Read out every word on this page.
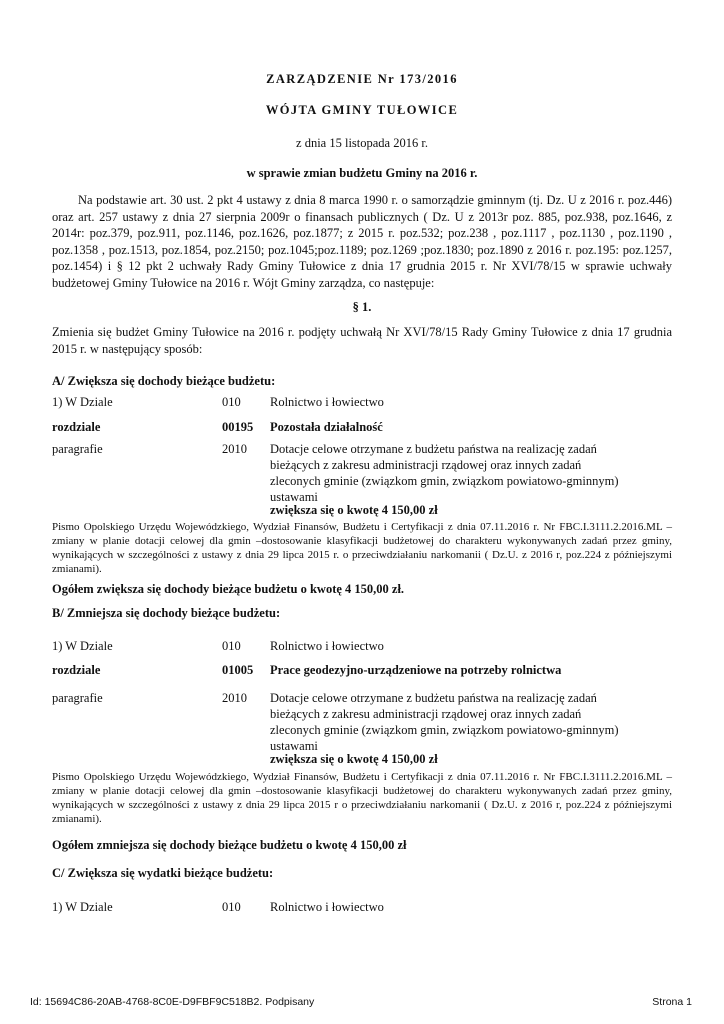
ZARZĄDZENIE Nr 173/2016
WÓJTA GMINY TUŁOWICE
z dnia 15 listopada 2016 r.
w sprawie zmian budżetu Gminy na 2016 r.
Na podstawie art. 30 ust. 2 pkt 4 ustawy z dnia 8 marca 1990 r. o samorządzie gminnym (tj. Dz. U z 2016 r. poz.446) oraz art. 257 ustawy z dnia 27 sierpnia 2009r o finansach publicznych ( Dz. U z 2013r poz. 885, poz.938, poz.1646, z 2014r: poz.379, poz.911, poz.1146, poz.1626, poz.1877; z 2015 r. poz.532; poz.238 , poz.1117 , poz.1130 , poz.1190 , poz.1358 , poz.1513, poz.1854, poz.2150; poz.1045;poz.1189; poz.1269 ;poz.1830; poz.1890 z 2016 r. poz.195: poz.1257, poz.1454) i § 12 pkt 2 uchwały Rady Gminy Tułowice z dnia 17 grudnia 2015 r. Nr XVI/78/15 w sprawie uchwały budżetowej Gminy Tułowice na 2016 r. Wójt Gminy zarządza, co następuje:
§ 1.
Zmienia się budżet Gminy Tułowice na 2016 r. podjęty uchwałą Nr XVI/78/15 Rady Gminy Tułowice z dnia 17 grudnia 2015 r. w następujący sposób:
A/ Zwiększa się dochody bieżące budżetu:
1) W Dziale	010 Rolnictwo i łowiectwo
rozdziale	00195 Pozostała działalność
paragrafie	2010 Dotacje celowe otrzymane z budżetu państwa na realizację zadań bieżących z zakresu administracji rządowej oraz innych zadań zleconych gminie (związkom gmin, związkom powiatowo-gminnym) ustawami
zwiększa się o kwotę 4 150,00 zł
Pismo Opolskiego Urzędu Wojewódzkiego, Wydział Finansów, Budżetu i Certyfikacji z dnia 07.11.2016 r. Nr FBC.I.3111.2.2016.ML – zmiany w planie dotacji celowej dla gmin –dostosowanie klasyfikacji budżetowej do charakteru wykonywanych zadań przez gminy, wynikających w szczególności z ustawy z dnia 29 lipca 2015 r. o przeciwdziałaniu narkomanii ( Dz.U. z 2016 r, poz.224 z późniejszymi zmianami).
Ogółem zwiększa się dochody bieżące budżetu o kwotę 4 150,00 zł.
B/ Zmniejsza się dochody bieżące budżetu:
1) W Dziale	010 Rolnictwo i łowiectwo
rozdziale	01005 Prace geodezyjno-urządzeniowe na potrzeby rolnictwa
paragrafie	2010 Dotacje celowe otrzymane z budżetu państwa na realizację zadań bieżących z zakresu administracji rządowej oraz innych zadań zleconych gminie (związkom gmin, związkom powiatowo-gminnym) ustawami
zwiększa się o kwotę 4 150,00 zł
Pismo Opolskiego Urzędu Wojewódzkiego, Wydział Finansów, Budżetu i Certyfikacji z dnia 07.11.2016 r. Nr FBC.I.3111.2.2016.ML – zmiany w planie dotacji celowej dla gmin –dostosowanie klasyfikacji budżetowej do charakteru wykonywanych zadań przez gminy, wynikających w szczególności z ustawy z dnia 29 lipca 2015 r o przeciwdziałaniu narkomanii ( Dz.U. z 2016 r, poz.224 z późniejszymi zmianami).
Ogółem zmniejsza się dochody bieżące budżetu o kwotę 4 150,00 zł
C/ Zwiększa się wydatki bieżące budżetu:
1) W Dziale	010 Rolnictwo i łowiectwo
Id: 15694C86-20AB-4768-8C0E-D9FBF9C518B2. Podpisany	Strona 1
